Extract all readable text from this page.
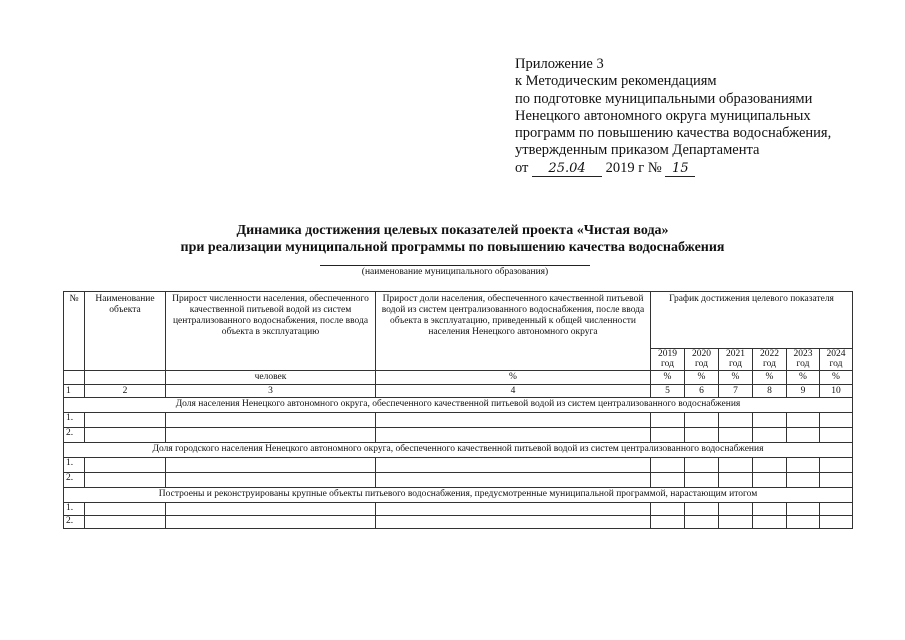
Приложение 3
к Методическим рекомендациям
по подготовке муниципальными образованиями
Ненецкого автономного округа муниципальных
программ по повышению качества водоснабжения,
утвержденным приказом Департамента
от 25.04 2019 г № 15
Динамика достижения целевых показателей проекта «Чистая вода»
при реализации муниципальной программы по повышению качества водоснабжения
(наименование муниципального образования)
№	Наименование объекта	Прирост численности населения, обеспеченного качественной питьевой водой из систем централизованного водоснабжения, после ввода объекта в эксплуатацию	Прирост доли населения, обеспеченного качественной питьевой водой из систем централизованного водоснабжения, после ввода объекта в эксплуатацию, приведенный к общей численности населения Ненецкого автономного округа	График достижения целевого показателя					
				2019 год	2020 год	2021 год	2022 год	2023 год	2024 год
		человек	%	%	%	%	%	%	%
1	2	3	4	5	6	7	8	9	10
Доля населения Ненецкого автономного округа, обеспеченного качественной питьевой водой из систем централизованного водоснабжения									
1.									
2.									
Доля городского населения Ненецкого автономного округа, обеспеченного качественной питьевой водой из систем централизованного водоснабжения									
1.									
2.									
Построены и реконструированы крупные объекты питьевого водоснабжения, предусмотренные муниципальной программой, нарастающим итогом									
1.									
2.									
